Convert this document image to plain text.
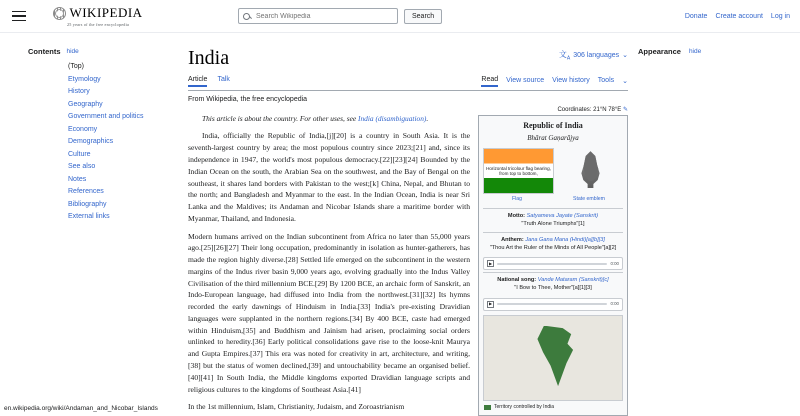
WIKIPEDIA
25 years of the free encyclopedia
Search Wikipedia
Search	Donate Create account Log in
Contents hide
(Top)
Etymology
History
Geography
Government and politics
Economy
Demographics
Culture
See also
Notes
References
Bibliography
External links
India	文$_A$ 306 languages ⌄
Article Talk	Read View source View history Tools ⌄
From Wikipedia, the free encyclopedia
Coordinates: 21°N 78°E ✎
Republic of India
Bhārat Gaṇarājya
Horizontal tricolour flag bearing, from top to bottom,
Flag	State emblem
Motto: Satyameva Jayate (Sanskrit)
"Truth Alone Triumphs"[1]
Anthem: Jana Gana Mana (Hindi)[a][b][3]
"Thou Art the Ruler of the Minds of All People"[a][2]
▶	0:00
National song: Vande Mataram (Sanskrit)[c]
"I Bow to Thee, Mother"[a][1][3]
▶	0:00
Territory controlled by India

This article is about the country. For other uses, see India (disambiguation).

India, officially the Republic of India,[j][20] is a country in South Asia. It is the seventh-largest country by area; the most populous country since 2023;[21] and, since its independence in 1947, the world's most populous democracy.[22][23][24] Bounded by the Indian Ocean on the south, the Arabian Sea on the southwest, and the Bay of Bengal on the southeast, it shares land borders with Pakistan to the west;[k] China, Nepal, and Bhutan to the north; and Bangladesh and Myanmar to the east. In the Indian Ocean, India is near Sri Lanka and the Maldives; its Andaman and Nicobar Islands share a maritime border with Myanmar, Thailand, and Indonesia.

Modern humans arrived on the Indian subcontinent from Africa no later than 55,000 years ago.[25][26][27] Their long occupation, predominantly in isolation as hunter-gatherers, has made the region highly diverse.[28] Settled life emerged on the subcontinent in the western margins of the Indus river basin 9,000 years ago, evolving gradually into the Indus Valley Civilisation of the third millennium BCE.[29] By 1200 BCE, an archaic form of Sanskrit, an Indo-European language, had diffused into India from the northwest.[31][32] Its hymns recorded the early dawnings of Hinduism in India.[33] India's pre-existing Dravidian languages were supplanted in the northern regions.[34] By 400 BCE, caste had emerged within Hinduism,[35] and Buddhism and Jainism had arisen, proclaiming social orders unlinked to heredity.[36] Early political consolidations gave rise to the loose-knit Maurya and Gupta Empires.[37] This era was noted for creativity in art, architecture, and writing,[38] but the status of women declined,[39] and untouchability became an organised belief.[40][41] In South India, the Middle kingdoms exported Dravidian language scripts and religious cultures to the kingdoms of Southeast Asia.[41]

In the 1st millennium, Islam, Christianity, Judaism, and Zoroastrianism

Appearance hide
en.wikipedia.org/wiki/Andaman_and_Nicobar_Islands
